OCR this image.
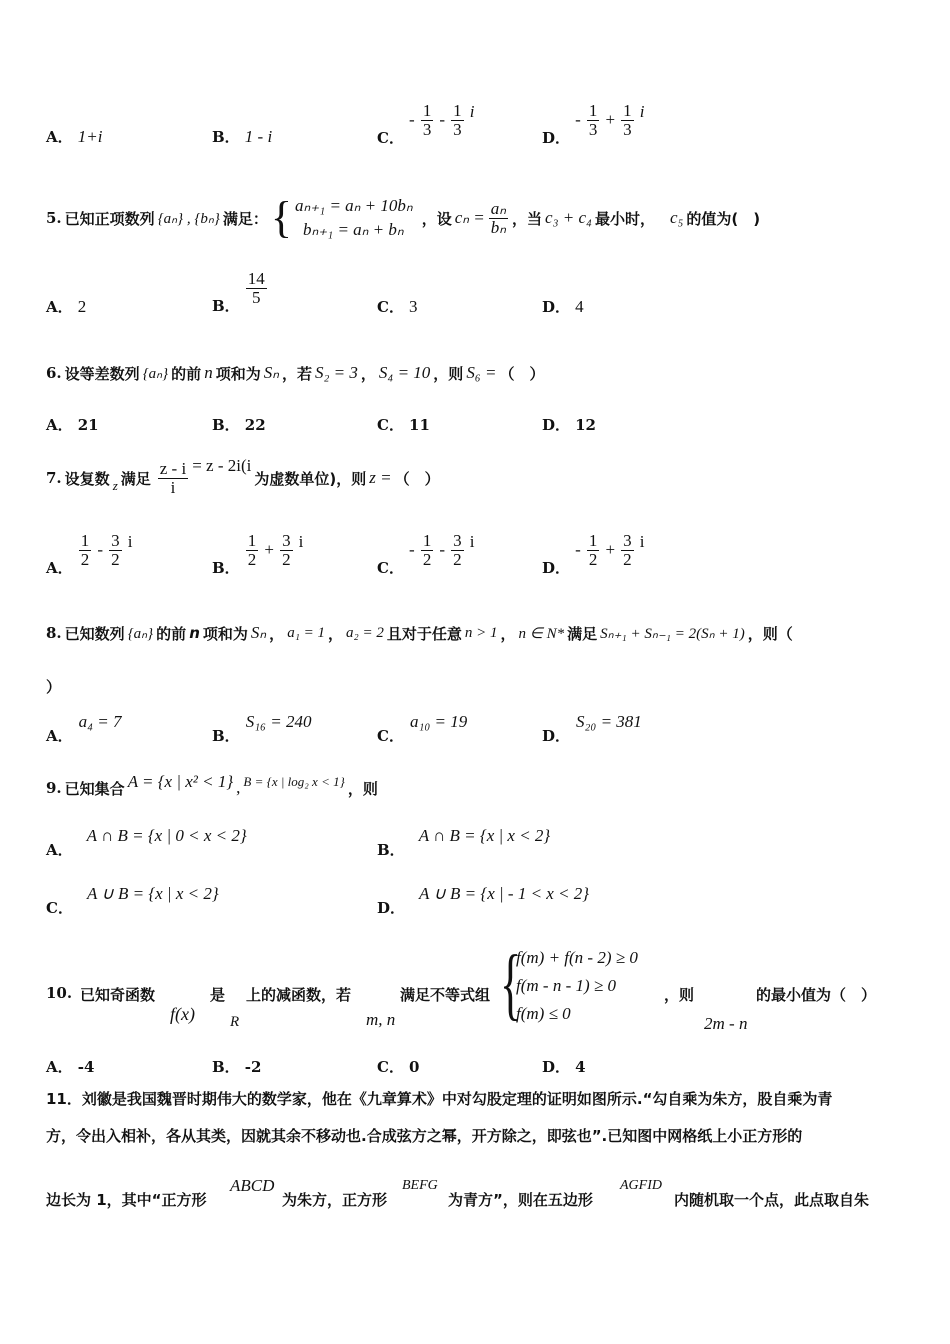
A． 1+i	B． 1 - i	C． - $\frac{1}{3} - \frac{1}{3}$ i
D． - $\frac{1}{3} + \frac{1}{3}$ i
5. 已知正项数列 {aₙ} , {bₙ} 满足： { aₙ₊₁ = aₙ + 10bₙ
bₙ₊₁ = aₙ + bₙ
，设 $c_n = \frac{\text{aₙ}}{\text{bₙ}}$ ，当 c₃ + c₄ 最小时， c₅ 的值为(　)
A． 2	B． $\frac{14}{5}$
C． 3	D． 4
6. 设等差数列 {aₙ} 的前 n 项和为 Sₙ ，若 S₂ = 3 ， S₄ = 10 ，则 S₆ = （　）
A． 21	B． 22	C． 11	D． 12
7. 设复数 z 满足 $\frac{z - i}{i} = z - 2i(i$
为虚数单位)，则 z = （　）
A． $\frac{1}{2} - \frac{3}{2}$ i
B． $\frac{1}{2} + \frac{3}{2}$ i
C． - $\frac{1}{2} - \frac{3}{2}$ i
D． - $\frac{1}{2} + \frac{3}{2}$ i
8. 已知数列 {aₙ} 的前 n 项和为 Sₙ ， a₁ = 1 ， a₂ = 2 且对于任意 n > 1 ， n ∈ N* 满足 Sₙ₊₁ + Sₙ₋₁ = 2(Sₙ + 1) ，则（
）
A．
a₄ = 7
B．
S₁₆ = 240
C．
a₁₀ = 19
D．
S₂₀ = 381
9. 已知集合 A = {x | x² < 1} , B = {x | log₂ x < 1} ，则
A．
A ∩ B = {x | 0 < x < 2}
B．
A ∩ B = {x | x < 2}
C．
A ∪ B = {x | x < 2}
D．
A ∪ B = {x | - 1 < x < 2}
10. 已知奇函数
f(x)
是
R
上的减函数，若
m, n
满足不等式组 {
f(m) + f(n - 2) ≥ 0
f(m - n - 1) ≥ 0
f(m) ≤ 0
，则
2m - n
的最小值为（　）
A． -4	B． -2	C． 0	D． 4
11．刘徽是我国魏晋时期伟大的数学家，他在《九章算术》中对勾股定理的证明如图所示.“勾自乘为朱方，股自乘为青
方，令出入相补，各从其类，因就其余不移动也.合成弦方之幂，开方除之，即弦也”.已知图中网格纸上小正方形的
边长为 1，其中“正方形
ABCD
为朱方，正方形
BEFG
为青方”，则在五边形
AGFID
内随机取一个点，此点取自朱
